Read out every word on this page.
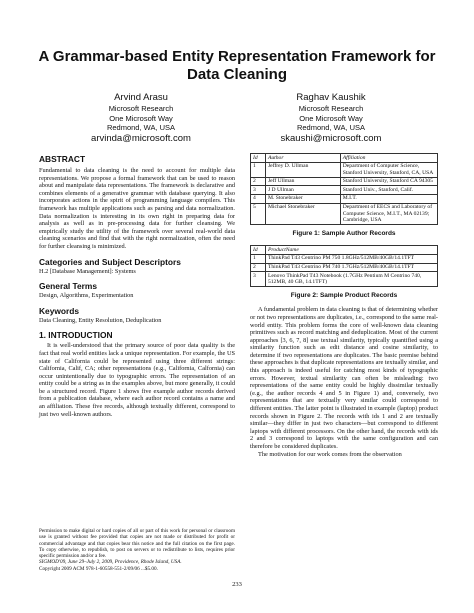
A Grammar-based Entity Representation Framework for
Data Cleaning
Arvind Arasu
Microsoft Research
One Microsoft Way
Redmond, WA, USA
arvinda@microsoft.com
Raghav Kaushik
Microsoft Research
One Microsoft Way
Redmond, WA, USA
skaushi@microsoft.com
ABSTRACT

Fundamental to data cleaning is the need to account for multiple data representations. We propose a formal framework that can be used to reason about and manipulate data representations. The framework is declarative and combines elements of a generative grammar with database querying. It also incorporates actions in the spirit of programming language compilers. This framework has multiple applications such as parsing and data normalization. Data normalization is interesting in its own right in preparing data for analysis as well as in pre-processing data for further cleansing. We empirically study the utility of the framework over several real-world data cleaning scenarios and find that with the right normalization, often the need for further cleansing is minimized.

Categories and Subject Descriptors

H.2 [Database Management]: Systems

General Terms

Design, Algorithms, Experimentation

Keywords

Data Cleaning, Entity Resolution, Deduplication

1. INTRODUCTION

It is well-understood that the primary source of poor data quality is the fact that real world entities lack a unique representation. For example, the US state of California could be represented using three different strings: California, Calif, CA; other representations (e.g., California, Calfornia) can occur unintentionally due to typographic errors. The representation of an entity could be a string as in the examples above, but more generally, it could be a structured record. Figure 1 shows five example author records derived from a publication database, where each author record contains a name and an affiliation. These five records, although textually different, correspond to just two well-known authors.

Permission to make digital or hard copies of all or part of this work for personal or classroom use is granted without fee provided that copies are not made or distributed for profit or commercial advantage and that copies bear this notice and the full citation on the first page. To copy otherwise, to republish, to post on servers or to redistribute to lists, requires prior specific permission and/or a fee.

SIGMOD'09, June 29–July 2, 2009, Providence, Rhode Island, USA.

Copyright 2009 ACM 978-1-60558-551-2/09/06 ...$5.00.

Id	Author	Affiliation
1	Jeffrey D. Ullman	Department of Computer Science, Stanford University, Stanford, CA, USA
2	Jeff Ullman	Stanford University, Stanford CA 94305
3	J D Ullman	Stanford Univ., Stanford, Calif.
4	M. Stonebraker	M.I.T.
5	Michael Stonebraker	Department of EECS and Laboratory of Computer Science, M.I.T., MA 02139; Cambridge, USA
Figure 1: Sample Author Records
Id	ProductName
1	ThinkPad T43 Centrino PM 750 1.8GHz/512MB/40GB/14.1TFT
2	ThinkPad T43 Centrino PM 740 1.7GHz/512MB/40GB/14.1TFT
3	Lenovo ThinkPad T43 Notebook (1.7GHz Pentium M Centrino 740, 512MB, 40 GB, 14.1TFT)
Figure 2: Sample Product Records

A fundamental problem in data cleaning is that of determining whether or not two representations are duplicates, i.e., correspond to the same real-world entity. This problem forms the core of well-known data cleaning primitives such as record matching and deduplication. Most of the current approaches [3, 6, 7, 8] use textual similarity, typically quantified using a similarity function such as edit distance and cosine similarity, to determine if two representations are duplicates. The basic premise behind these approaches is that duplicate representations are textually similar, and this approach is indeed useful for catching most kinds of typographic errors. However, textual similarity can often be misleading: two representations of the same entity could be highly dissimilar textually (e.g., the author records 4 and 5 in Figure 1) and, conversely, two representations that are textually very similar could correspond to different entities. The latter point is illustrated in example (laptop) product records shown in Figure 2. The records with ids 1 and 2 are textually similar—they differ in just two characters—but correspond to different laptops with different processors. On the other hand, the records with ids 2 and 3 correspond to laptops with the same configuration and can therefore be considered duplicates.

The motivation for our work comes from the observation

233
